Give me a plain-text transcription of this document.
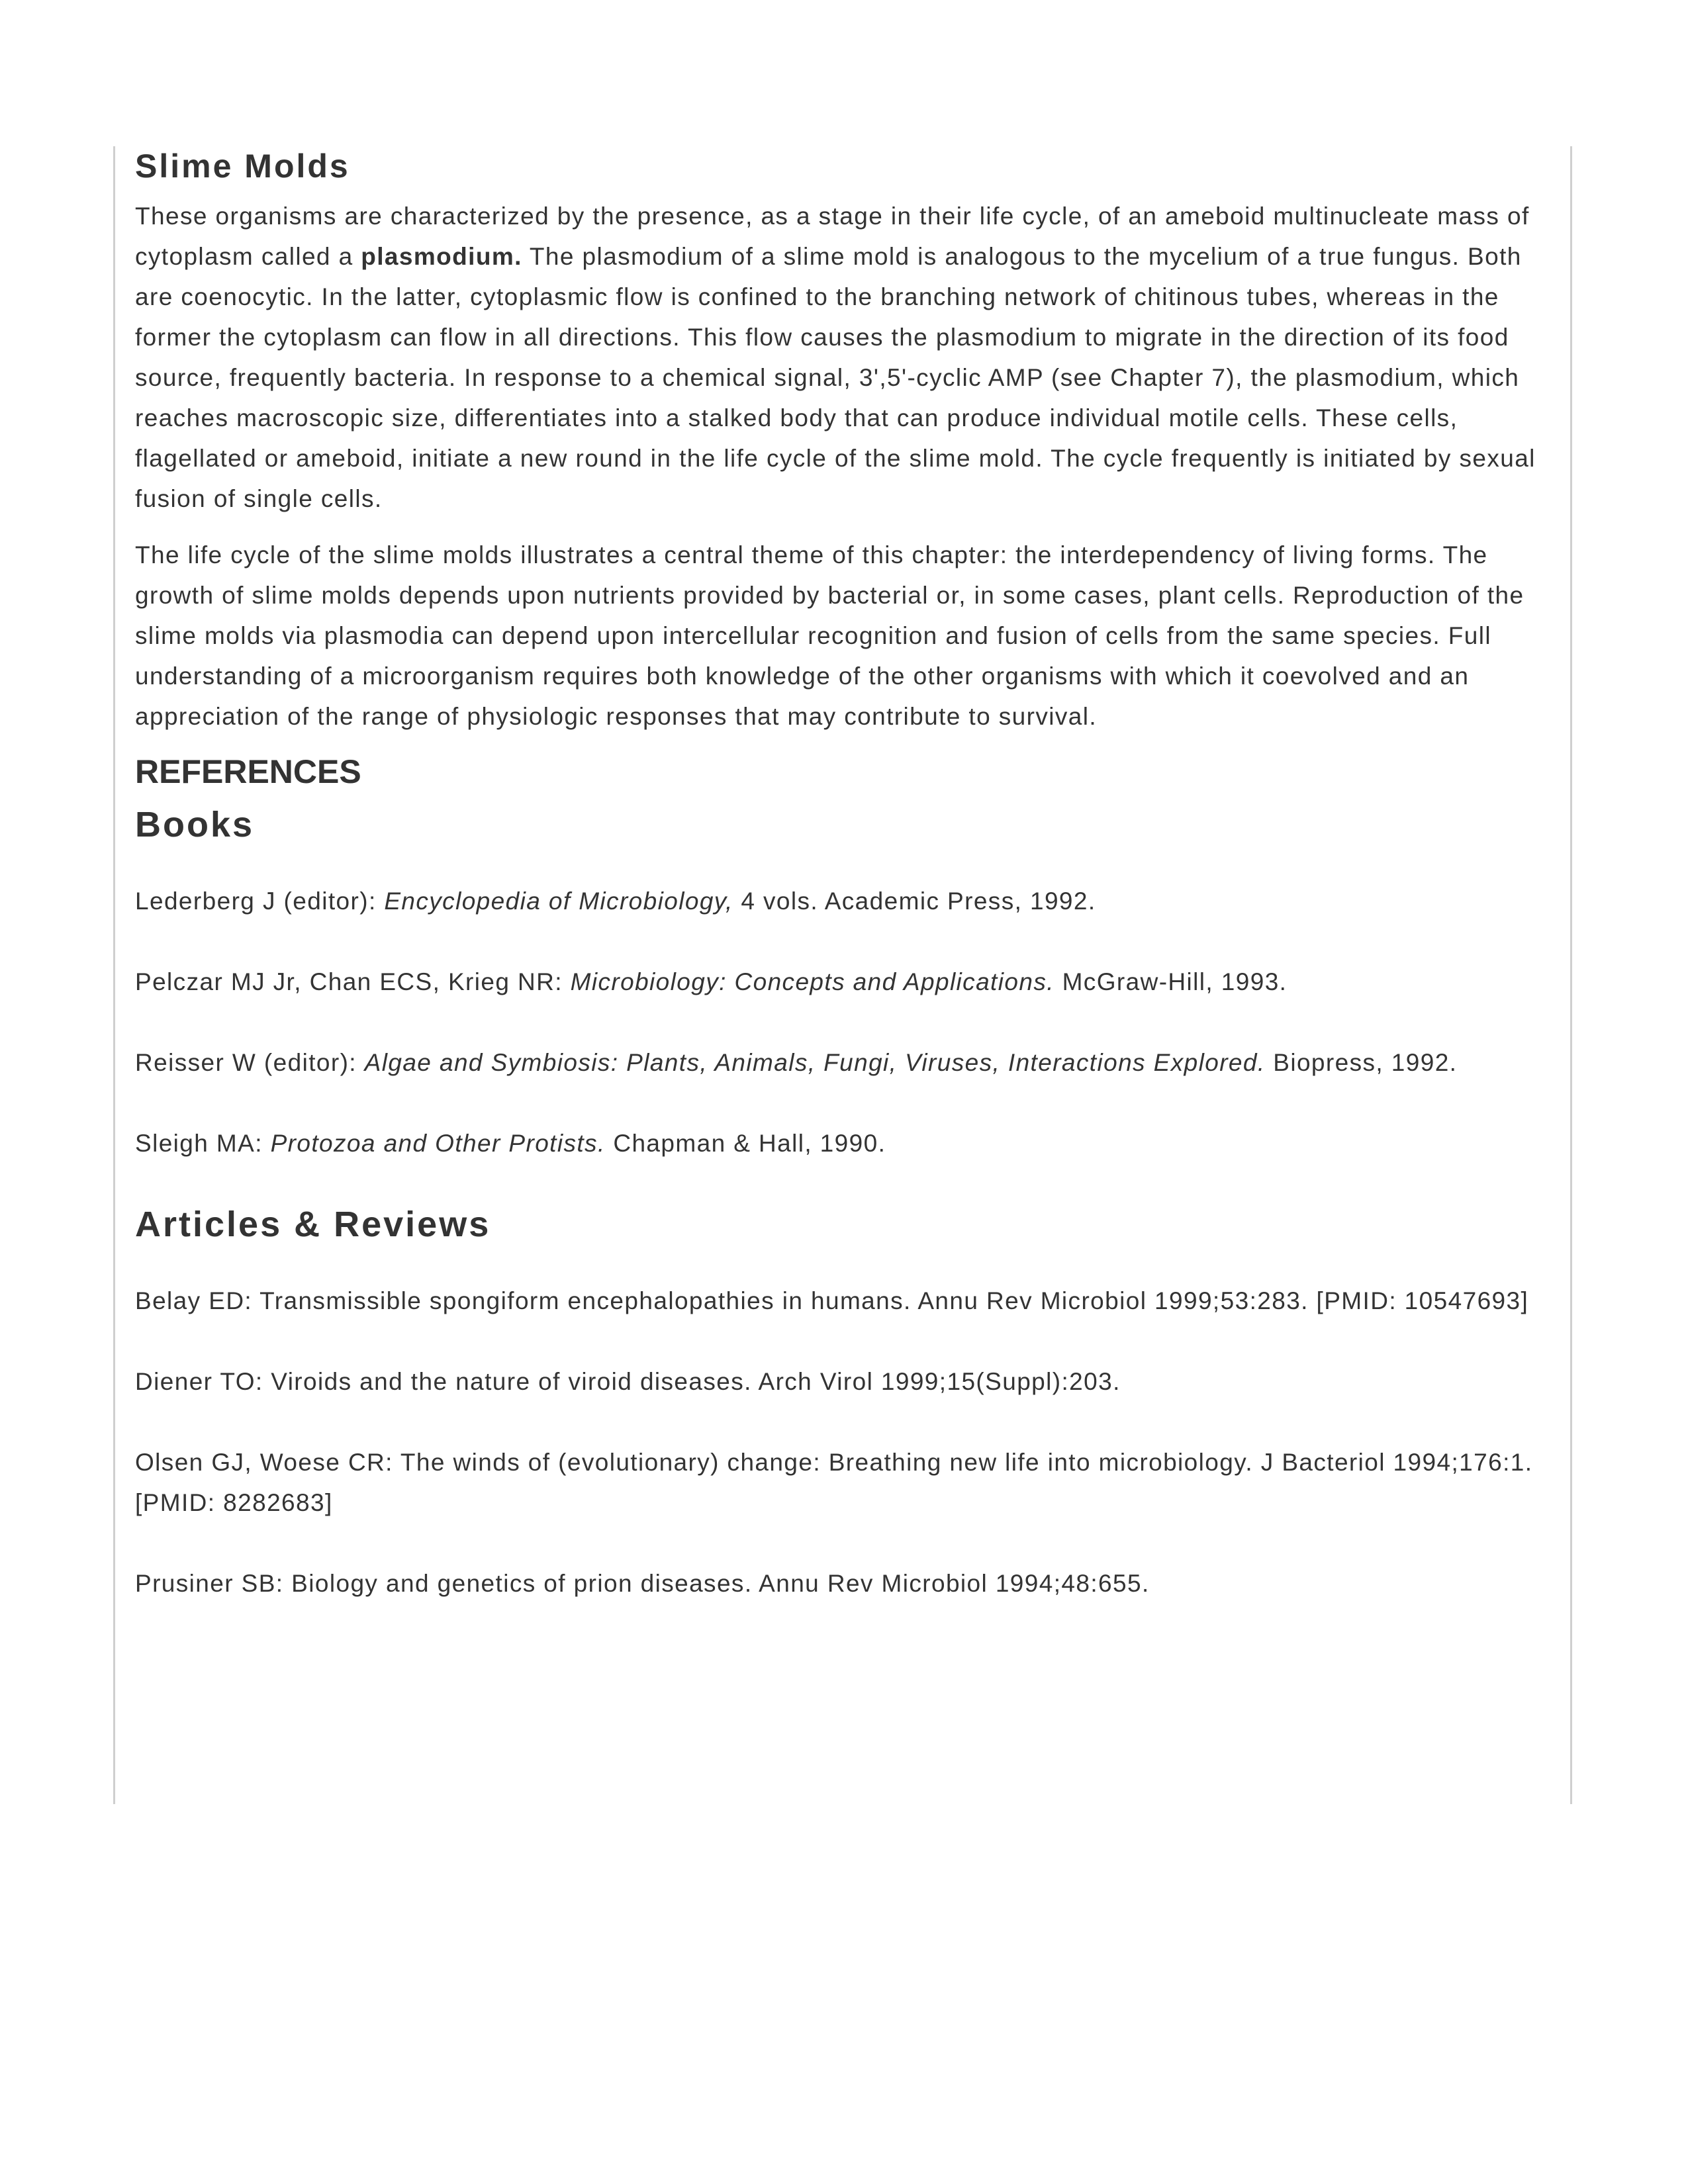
Slime Molds

These organisms are characterized by the presence, as a stage in their life cycle, of an ameboid multinucleate mass of cytoplasm called a plasmodium. The plasmodium of a slime mold is analogous to the mycelium of a true fungus. Both are coenocytic. In the latter, cytoplasmic flow is confined to the branching network of chitinous tubes, whereas in the former the cytoplasm can flow in all directions. This flow causes the plasmodium to migrate in the direction of its food source, frequently bacteria. In response to a chemical signal, 3',5'-cyclic AMP (see Chapter 7), the plasmodium, which reaches macroscopic size, differentiates into a stalked body that can produce individual motile cells. These cells, flagellated or ameboid, initiate a new round in the life cycle of the slime mold. The cycle frequently is initiated by sexual fusion of single cells.

The life cycle of the slime molds illustrates a central theme of this chapter: the interdependency of living forms. The growth of slime molds depends upon nutrients provided by bacterial or, in some cases, plant cells. Reproduction of the slime molds via plasmodia can depend upon intercellular recognition and fusion of cells from the same species. Full understanding of a microorganism requires both knowledge of the other organisms with which it coevolved and an appreciation of the range of physiologic responses that may contribute to survival.

REFERENCES
Books
Lederberg J (editor): Encyclopedia of Microbiology, 4 vols. Academic Press, 1992.
Pelczar MJ Jr, Chan ECS, Krieg NR: Microbiology: Concepts and Applications. McGraw-Hill, 1993.
Reisser W (editor): Algae and Symbiosis: Plants, Animals, Fungi, Viruses, Interactions Explored. Biopress, 1992.
Sleigh MA: Protozoa and Other Protists. Chapman & Hall, 1990.
Articles & Reviews
Belay ED: Transmissible spongiform encephalopathies in humans. Annu Rev Microbiol 1999;53:283. [PMID: 10547693]
Diener TO: Viroids and the nature of viroid diseases. Arch Virol 1999;15(Suppl):203.
Olsen GJ, Woese CR: The winds of (evolutionary) change: Breathing new life into microbiology. J Bacteriol 1994;176:1. [PMID: 8282683]
Prusiner SB: Biology and genetics of prion diseases. Annu Rev Microbiol 1994;48:655.
